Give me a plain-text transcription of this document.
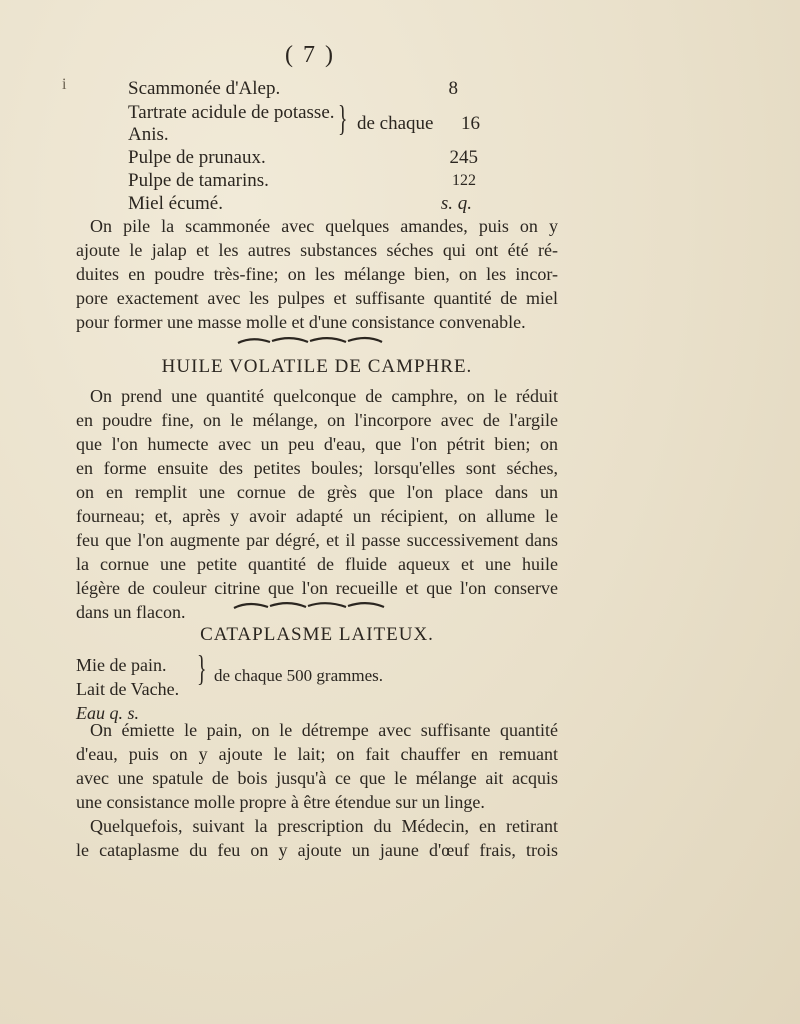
( 7 )
i	Scammonée d'Alep.	8
Tartrate acidule de potasse.
Anis.	} de chaque	16
Pulpe de prunaux.	245
Pulpe de tamarins.	122
Miel écumé.	s. q.
On pile la scammonée avec quelques amandes, puis on y
ajoute le jalap et les autres substances séches qui ont été ré-
duites en poudre très-fine; on les mélange bien, on les incor-
pore exactement avec les pulpes et suffisante quantité de miel
pour former une masse molle et d'une consistance convenable.
HUILE VOLATILE DE CAMPHRE.
On prend une quantité quelconque de camphre, on le réduit
en poudre fine, on le mélange, on l'incorpore avec de l'argile
que l'on humecte avec un peu d'eau, que l'on pétrit bien; on
en forme ensuite des petites boules; lorsqu'elles sont séches,
on en remplit une cornue de grès que l'on place dans un
fourneau; et, après y avoir adapté un récipient, on allume le
feu que l'on augmente par dégré, et il passe successivement dans
la cornue une petite quantité de fluide aqueux et une huile
légère de couleur citrine que l'on recueille et que l'on conserve
dans un flacon.
CATAPLASME LAITEUX.
Mie de pain.
Lait de Vache.
} de chaque 500 grammes.
Eau q. s.
On émiette le pain, on le détrempe avec suffisante quantité
d'eau, puis on y ajoute le lait; on fait chauffer en remuant
avec une spatule de bois jusqu'à ce que le mélange ait acquis
une consistance molle propre à être étendue sur un linge.
Quelquefois, suivant la prescription du Médecin, en retirant
le cataplasme du feu on y ajoute un jaune d'œuf frais, trois
